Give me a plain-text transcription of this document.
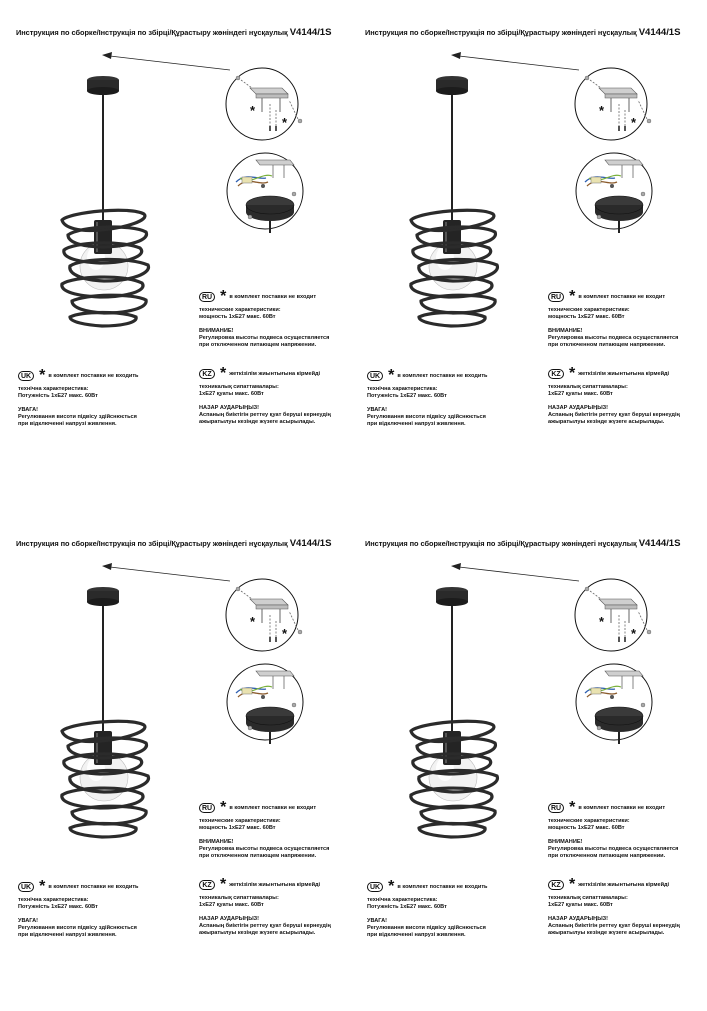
Инструкция по сборке/Інструкція по збірці/Құрастыру жөніндегі нұсқаулық V4144/1S
*
*
RU * в комплект поставки не входит

технические характеристики:

мощность 1хЕ27 макс. 60Вт

ВНИМАНИЕ!

Регулировка высоты подвеса осуществляется

при отключенном питающем напряжении.

KZ * жеткізілім жиынтығына кірмейді

техникалық сипаттамалары:

1хЕ27 қуаты макс. 60Вт

НАЗАР АУДАРЫҢЫЗ!

Аспаның биіктігін реттеу қуат беруші кернеудің

ажыратылуы кезінде жүзеге асырылады.

UK * в комплект поставки не входить

технічна характеристика:

Потужність 1хЕ27 макс. 60Вт

УВАГА!

Регулювання висоти підвісу здійснюється

при відключенні напрузі живлення.

Инструкция по сборке/Інструкція по збірці/Құрастыру жөніндегі нұсқаулық V4144/1S
*
*
RU * в комплект поставки не входит

технические характеристики:

мощность 1хЕ27 макс. 60Вт

ВНИМАНИЕ!

Регулировка высоты подвеса осуществляется

при отключенном питающем напряжении.

KZ * жеткізілім жиынтығына кірмейді

техникалық сипаттамалары:

1хЕ27 қуаты макс. 60Вт

НАЗАР АУДАРЫҢЫЗ!

Аспаның биіктігін реттеу қуат беруші кернеудің

ажыратылуы кезінде жүзеге асырылады.

UK * в комплект поставки не входить

технічна характеристика:

Потужність 1хЕ27 макс. 60Вт

УВАГА!

Регулювання висоти підвісу здійснюється

при відключенні напрузі живлення.

Инструкция по сборке/Інструкція по збірці/Құрастыру жөніндегі нұсқаулық V4144/1S
*
*
RU * в комплект поставки не входит

технические характеристики:

мощность 1хЕ27 макс. 60Вт

ВНИМАНИЕ!

Регулировка высоты подвеса осуществляется

при отключенном питающем напряжении.

KZ * жеткізілім жиынтығына кірмейді

техникалық сипаттамалары:

1хЕ27 қуаты макс. 60Вт

НАЗАР АУДАРЫҢЫЗ!

Аспаның биіктігін реттеу қуат беруші кернеудің

ажыратылуы кезінде жүзеге асырылады.

UK * в комплект поставки не входить

технічна характеристика:

Потужність 1хЕ27 макс. 60Вт

УВАГА!

Регулювання висоти підвісу здійснюється

при відключенні напрузі живлення.

Инструкция по сборке/Інструкція по збірці/Құрастыру жөніндегі нұсқаулық V4144/1S
*
*
RU * в комплект поставки не входит

технические характеристики:

мощность 1хЕ27 макс. 60Вт

ВНИМАНИЕ!

Регулировка высоты подвеса осуществляется

при отключенном питающем напряжении.

KZ * жеткізілім жиынтығына кірмейді

техникалық сипаттамалары:

1хЕ27 қуаты макс. 60Вт

НАЗАР АУДАРЫҢЫЗ!

Аспаның биіктігін реттеу қуат беруші кернеудің

ажыратылуы кезінде жүзеге асырылады.

UK * в комплект поставки не входить

технічна характеристика:

Потужність 1хЕ27 макс. 60Вт

УВАГА!

Регулювання висоти підвісу здійснюється

при відключенні напрузі живлення.
